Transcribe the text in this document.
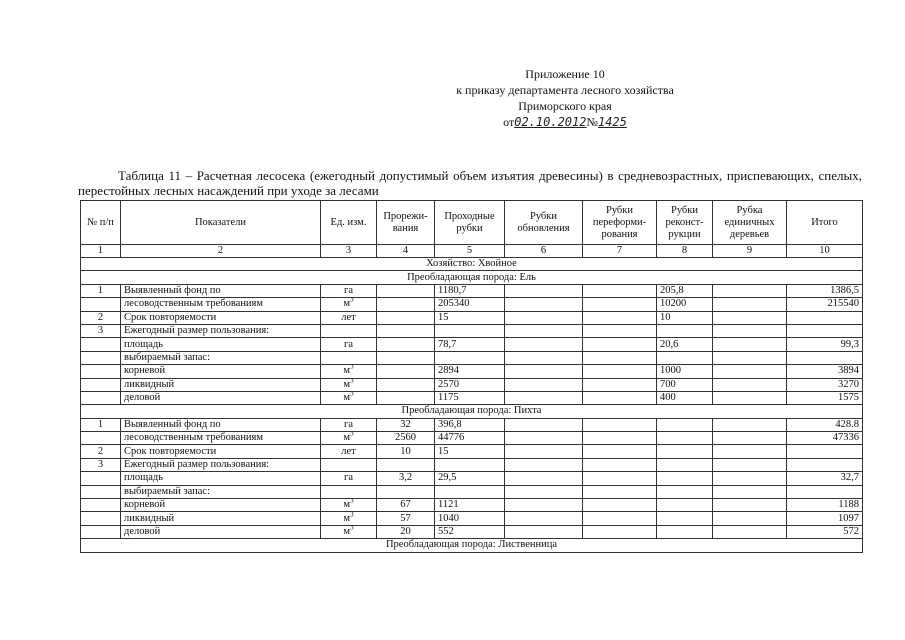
Приложение 10
к приказу департамента лесного хозяйства
Приморского края
от02.10.2012№1425
Таблица 11 – Расчетная лесосека (ежегодный допустимый объем изъятия древесины) в средневозрастных, приспевающих, спелых, перестойных лесных насаждений при уходе за лесами
№ п/п	Показатели	Ед. изм.	Прорежи-вания	Проходные рубки	Рубки обновления	Рубки переформи-рования	Рубки реконст-рукции	Рубка единичных деревьев	Итого
1	2	3	4	5	6	7	8	9	10
Хозяйство: Хвойное									
Преобладающая порода: Ель									
1	Выявленный фонд по	га		1180,7			205,8		1386,5
	лесоводственным требованиям	$м^3$		205340			10200		215540
2	Срок повторяемости	лет		15			10		
3	Ежегодный размер пользования:								
	площадь	га		78,7			20,6		99,3
	выбираемый запас:								
	корневой	$м^3$		2894			1000		3894
	ликвидный	$м^3$		2570			700		3270
	деловой	$м^3$		1175			400		1575
Преобладающая порода: Пихта									
1	Выявленный фонд по	га	32	396,8					428.8
	лесоводственным требованиям	$м^3$	2560	44776					47336
2	Срок повторяемости	лет	10	15					
3	Ежегодный размер пользования:								
	площадь	га	3,2	29,5					32,7
	выбираемый запас:								
	корневой	$м^3$	67	1121					1188
	ликвидный	$м^3$	57	1040					1097
	деловой	$м^3$	20	552					572
Преобладающая порода: Лиственница									
